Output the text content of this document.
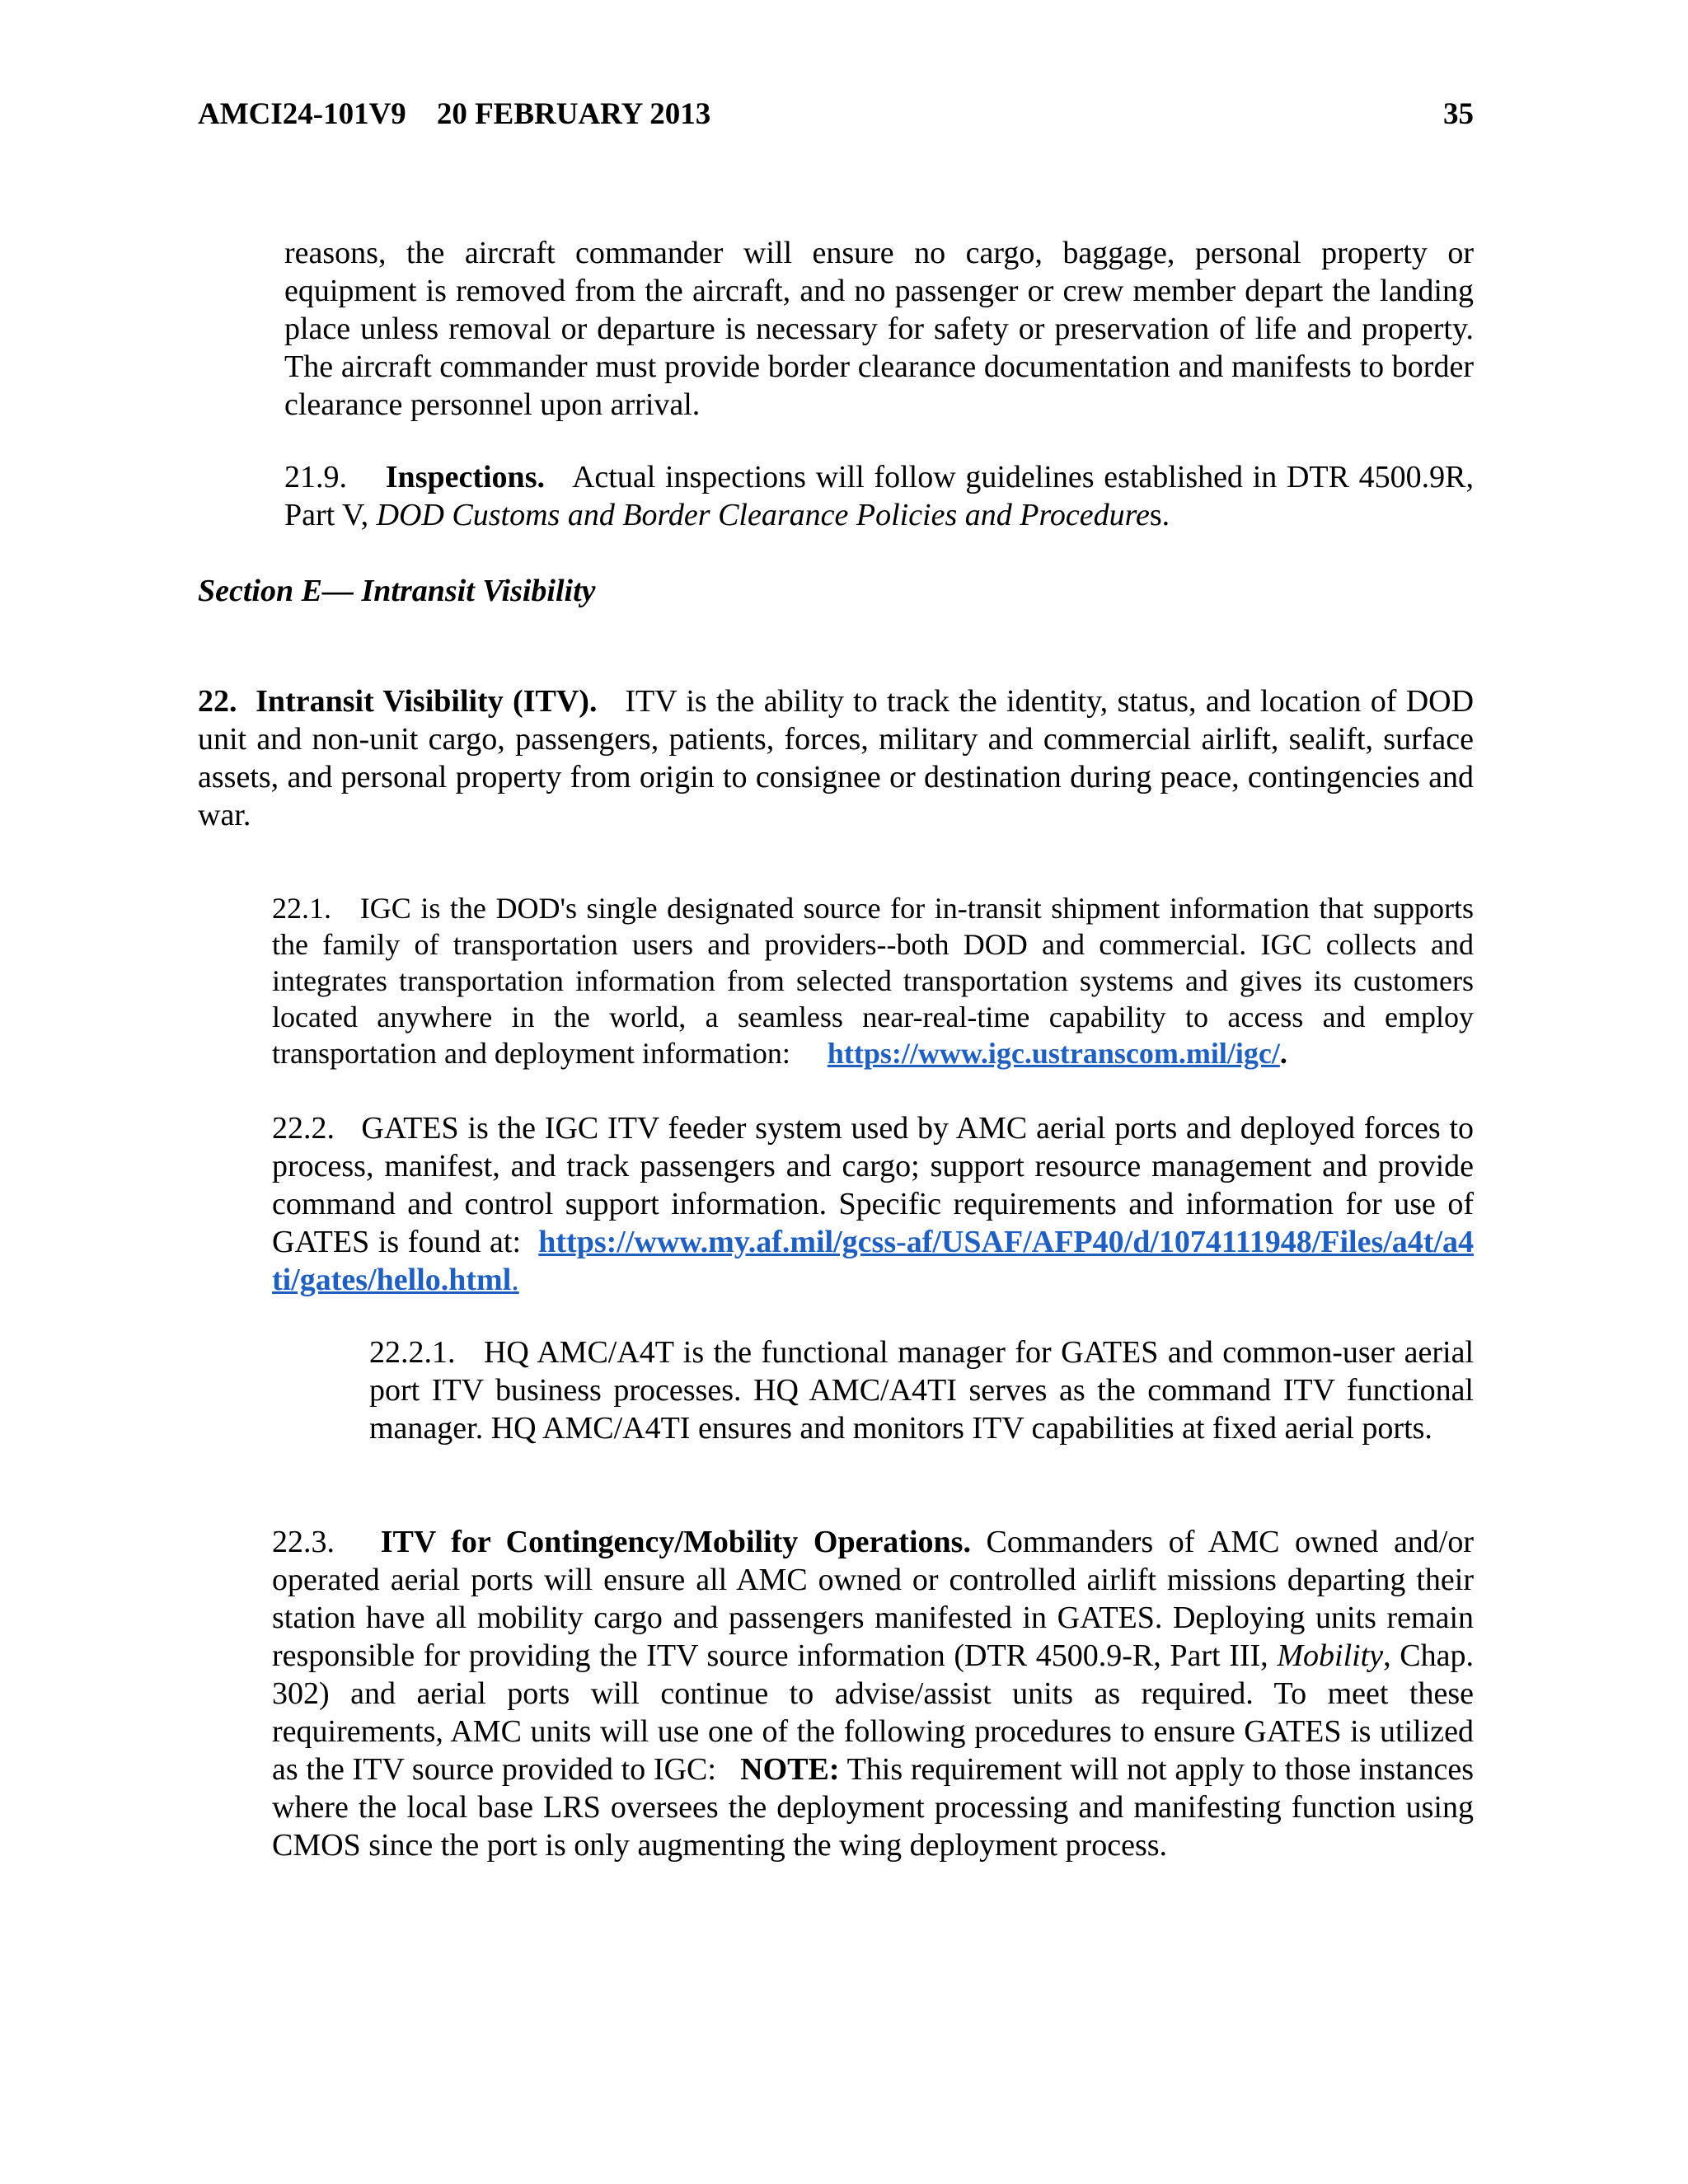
AMCI24-101V9 20 FEBRUARY 2013	35
reasons, the aircraft commander will ensure no cargo, baggage, personal property or equipment is removed from the aircraft, and no passenger or crew member depart the landing place unless removal or departure is necessary for safety or preservation of life and property. The aircraft commander must provide border clearance documentation and manifests to border clearance personnel upon arrival.
21.9. Inspections. Actual inspections will follow guidelines established in DTR 4500.9R, Part V, DOD Customs and Border Clearance Policies and Procedures.
Section E— Intransit Visibility
22. Intransit Visibility (ITV). ITV is the ability to track the identity, status, and location of DOD unit and non-unit cargo, passengers, patients, forces, military and commercial airlift, sealift, surface assets, and personal property from origin to consignee or destination during peace, contingencies and war.
22.1. IGC is the DOD's single designated source for in-transit shipment information that supports the family of transportation users and providers--both DOD and commercial. IGC collects and integrates transportation information from selected transportation systems and gives its customers located anywhere in the world, a seamless near-real-time capability to access and employ transportation and deployment information: https://www.igc.ustranscom.mil/igc/.
22.2. GATES is the IGC ITV feeder system used by AMC aerial ports and deployed forces to process, manifest, and track passengers and cargo; support resource management and provide command and control support information. Specific requirements and information for use of GATES is found at: https://www.my.af.mil/gcss-af/USAF/AFP40/d/1074111948/Files/a4t/a4ti/gates/hello.html.
22.2.1. HQ AMC/A4T is the functional manager for GATES and common-user aerial port ITV business processes. HQ AMC/A4TI serves as the command ITV functional manager. HQ AMC/A4TI ensures and monitors ITV capabilities at fixed aerial ports.
22.3. ITV for Contingency/Mobility Operations. Commanders of AMC owned and/or operated aerial ports will ensure all AMC owned or controlled airlift missions departing their station have all mobility cargo and passengers manifested in GATES. Deploying units remain responsible for providing the ITV source information (DTR 4500.9-R, Part III, Mobility, Chap. 302) and aerial ports will continue to advise/assist units as required. To meet these requirements, AMC units will use one of the following procedures to ensure GATES is utilized as the ITV source provided to IGC: NOTE: This requirement will not apply to those instances where the local base LRS oversees the deployment processing and manifesting function using CMOS since the port is only augmenting the wing deployment process.
